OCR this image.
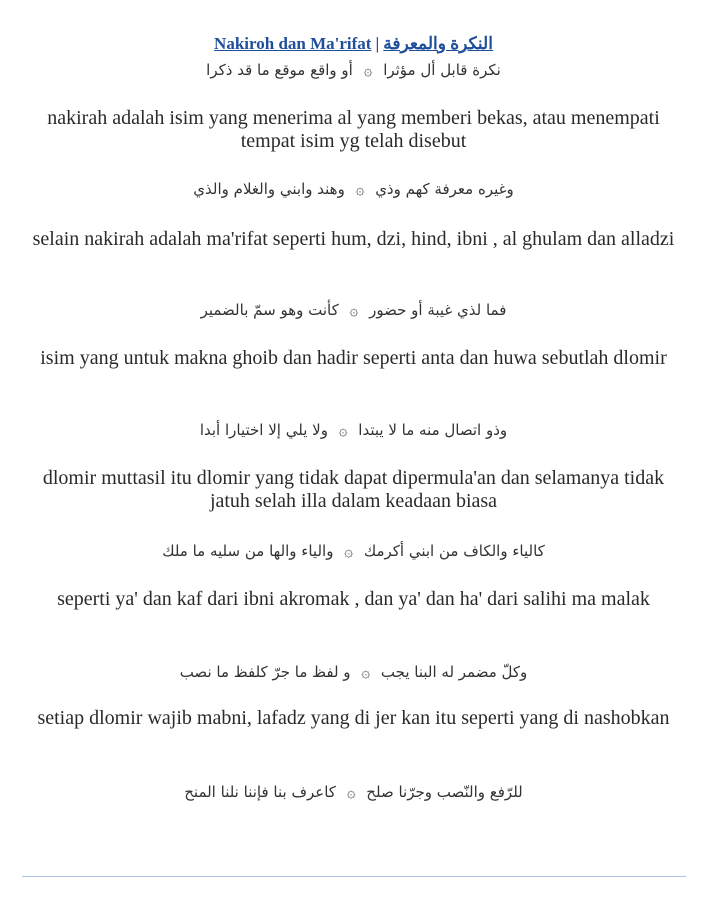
Nakiroh dan Ma'rifat | النكرة والمعرفة
نكرة قابل أل مؤثرا ۞ أو واقع موقع ما قد ذكرا
nakirah adalah isim yang menerima al yang memberi bekas, atau menempati tempat isim yg telah disebut
وغيره معرفة كهم وذي ۞ وهند وابني والغلام والذي
selain nakirah adalah ma'rifat seperti hum, dzi, hind, ibni , al ghulam dan alladzi
فما لذي غيبة أو حضور ۞ كأنت وهو سمّ بالضمير
isim yang untuk makna ghoib dan hadir seperti anta dan huwa sebutlah dlomir
وذو اتصال منه ما لا يبتدا ۞ ولا يلي إلا اختيارا أبدا
dlomir muttasil itu dlomir yang tidak dapat dipermula'an dan selamanya tidak jatuh selah illa dalam keadaan biasa
كالياء والكاف من ابني أكرمك ۞ والياء والها من سليه ما ملك
seperti ya' dan kaf dari ibni akromak , dan ya' dan ha' dari salihi ma malak
وكلّ مضمر له البنا يجب ۞ و لفظ ما جرّ كلفظ ما نصب
setiap dlomir wajib mabni, lafadz yang di jer kan itu seperti yang di nashobkan
للرّفع والنّصب وجرّنا صلح ۞ كاعرف بنا فإننا نلنا المنح
